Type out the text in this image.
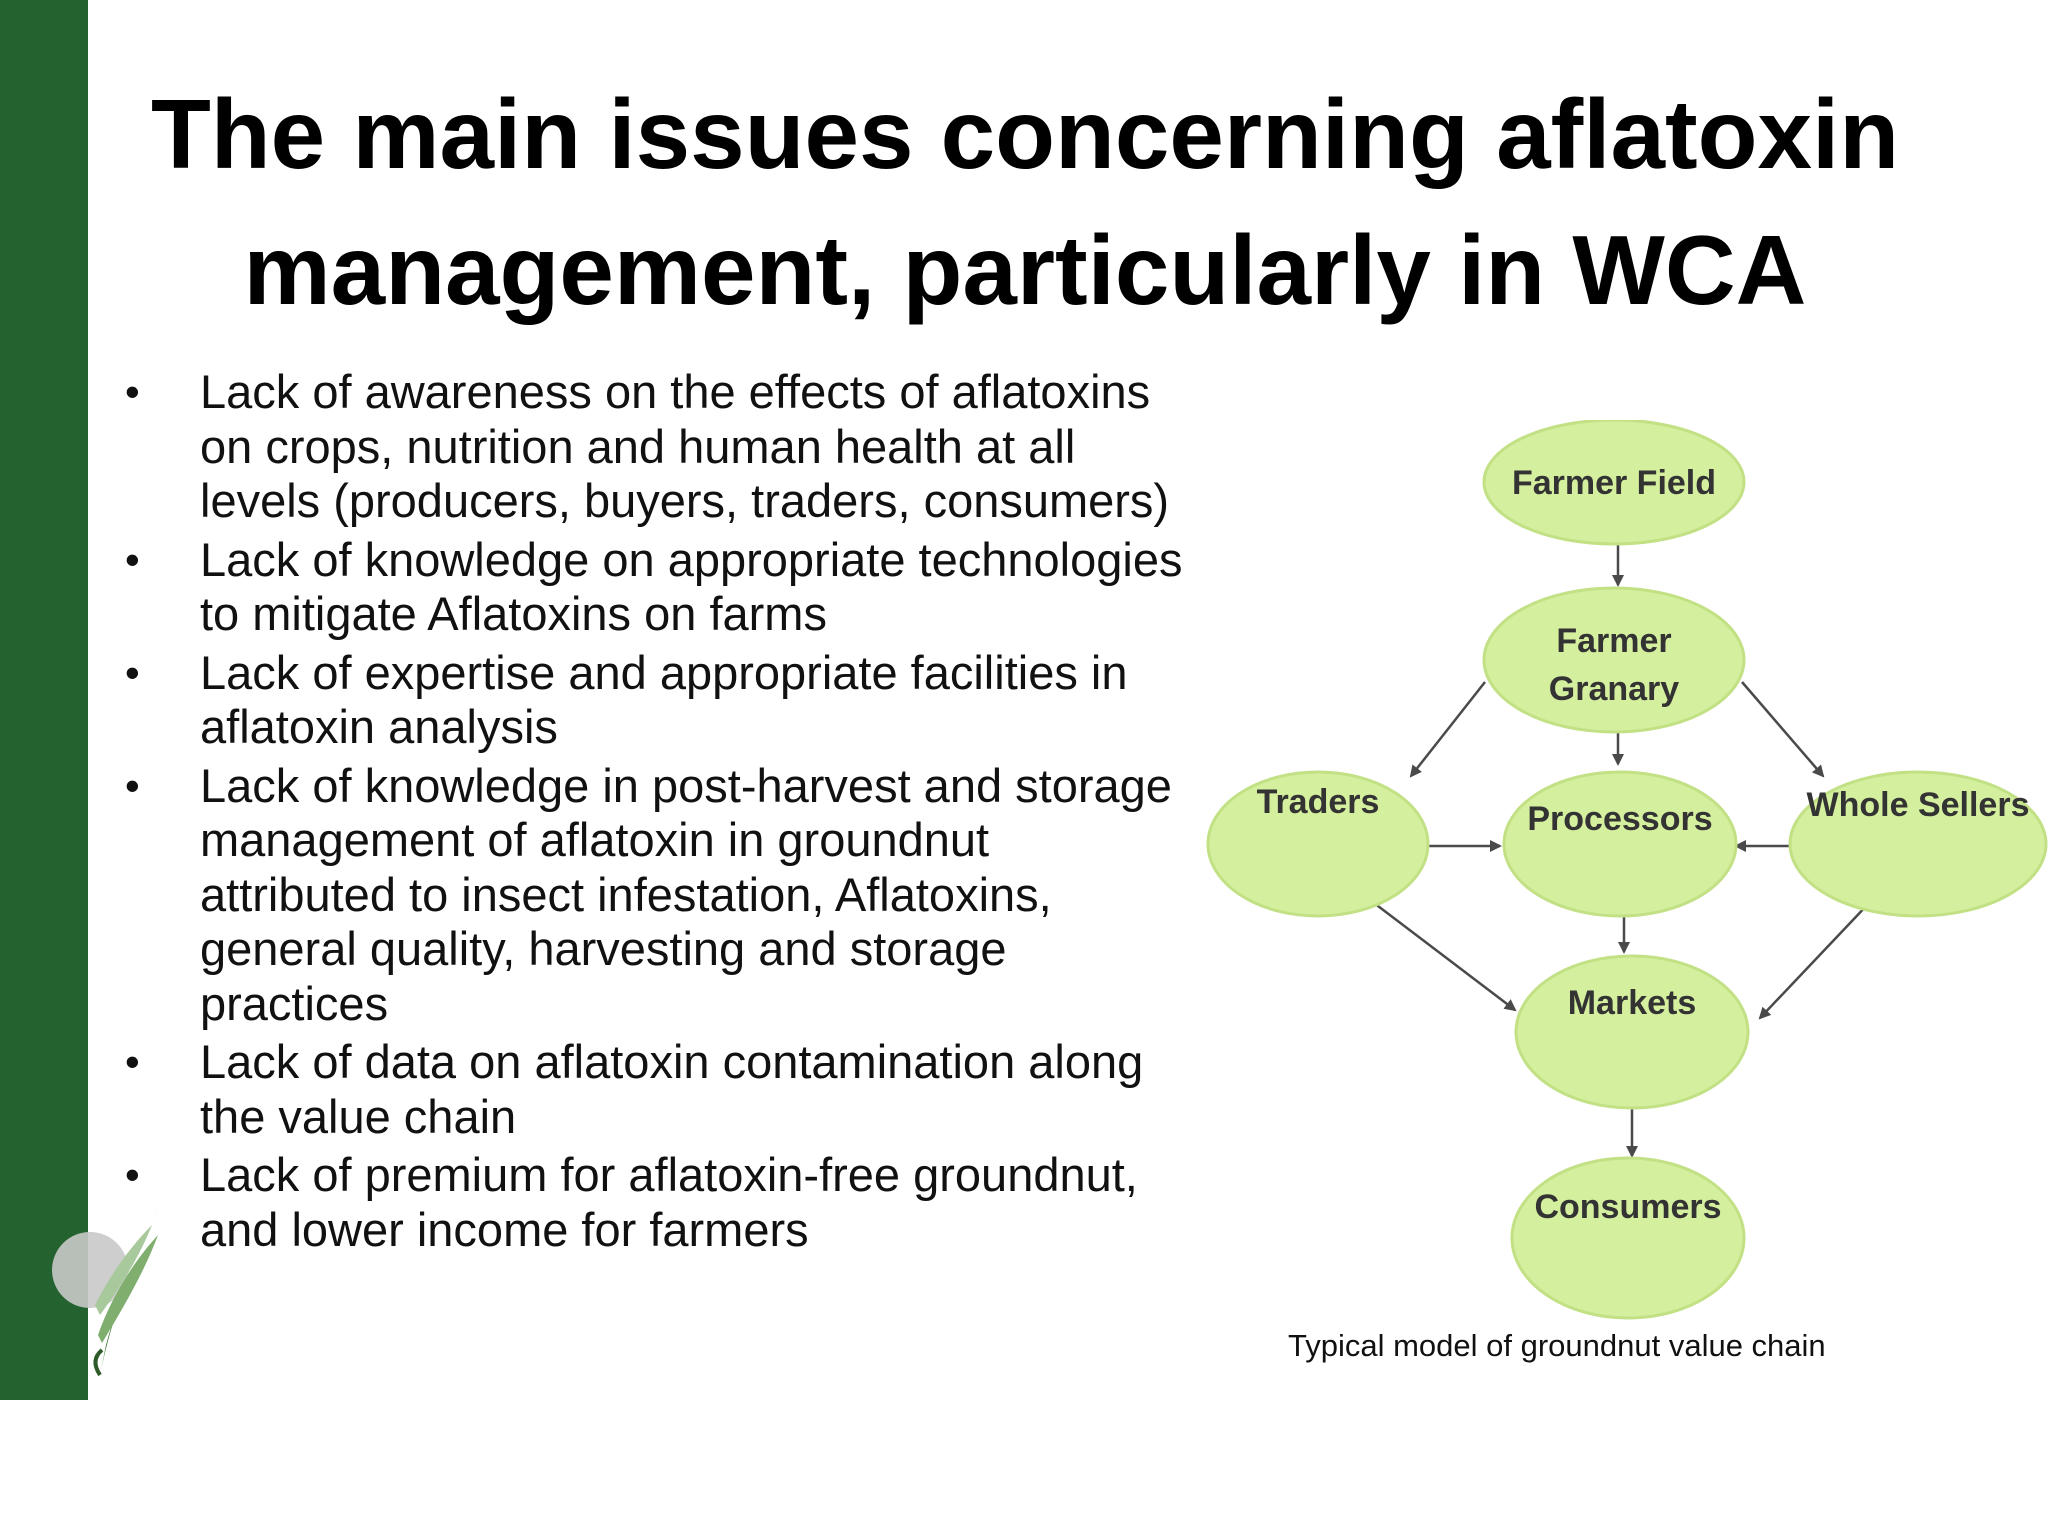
The main issues concerning aflatoxin management, particularly in WCA
• Lack of awareness on the effects of aflatoxins on crops, nutrition and human health at all levels (producers, buyers, traders, consumers)
• Lack of knowledge on appropriate technologies to mitigate Aflatoxins on farms
• Lack of expertise and appropriate facilities in aflatoxin analysis
• Lack of knowledge in post-harvest and storage management of aflatoxin in groundnut attributed to insect infestation, Aflatoxins, general quality, harvesting and storage practices
• Lack of data on aflatoxin contamination along the value chain
• Lack of premium for aflatoxin-free groundnut, and lower income for farmers
Farmer Field
Farmer
Granary
Traders	Processors	Whole Sellers
Markets
Consumers

Typical model of groundnut value chain
